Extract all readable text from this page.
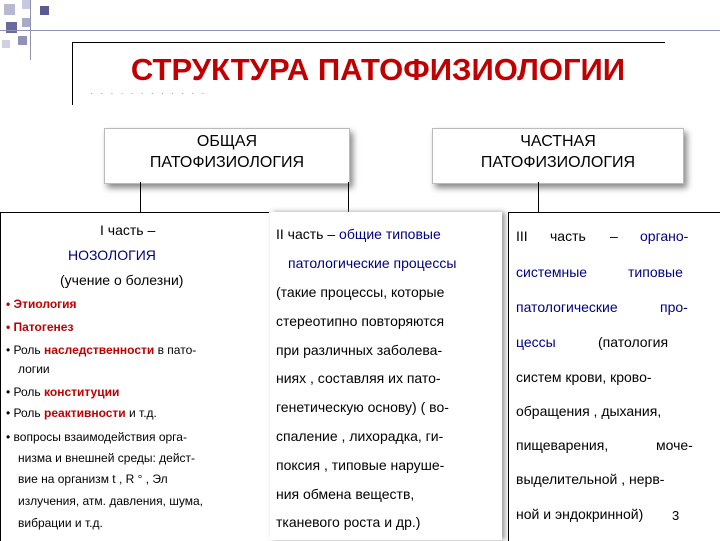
СТРУКТУРА ПАТОФИЗИОЛОГИИ
· · · · · · · · · · · ·
ОБЩАЯ
ПАТОФИЗИОЛОГИЯ
ЧАСТНАЯ
ПАТОФИЗИОЛОГИЯ
I часть –
НОЗОЛОГИЯ
(учение о болезни)
• Этиология
• Патогенез
• Роль наследственности в пато-
логии
• Роль конституции
• Роль реактивности и т.д.
• вопросы взаимодействия орга-
низма и внешней среды: дейст-
вие на организм t , R ° , Эл
излучения, атм. давления, шума,
вибрации и т.д.
II часть – общие типовые
патологические процессы
(такие процессы, которые
стереотипно повторяются
при различных заболева-
ниях , составляя их пато-
генетическую основу) ( во-
спаление , лихорадка, ги-
поксия , типовые наруше-
ния обмена веществ,
тканевого роста и др.)
III часть – органо-
системные	типовые
патологические	про-
цессы	(патология
систем крови, крово-
обращения , дыхания,
пищеварения,	моче-
выделительной , нерв-
ной и эндокринной) 3
